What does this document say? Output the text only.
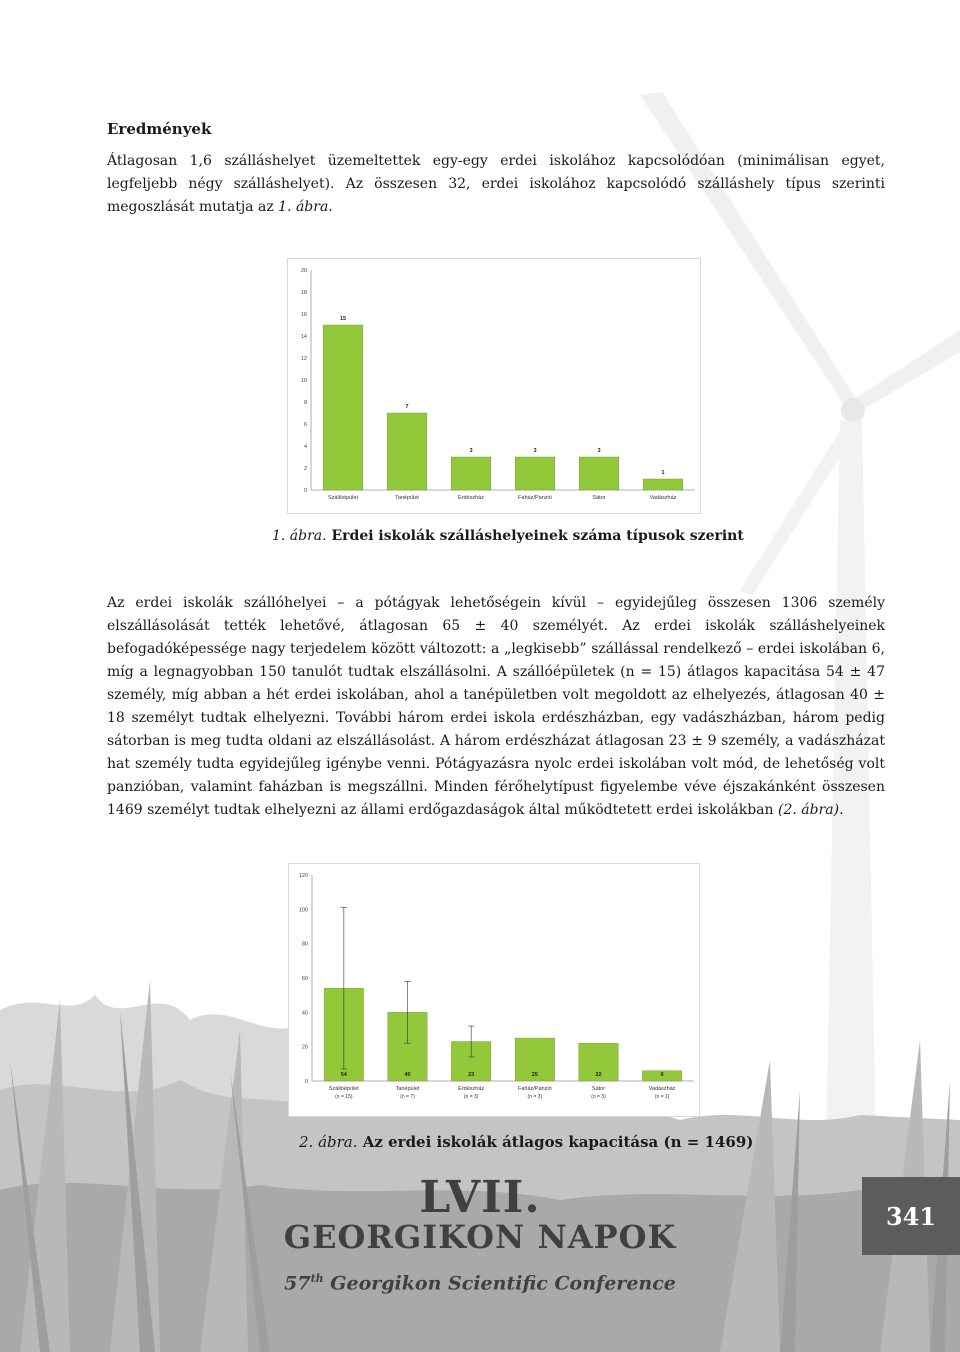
Eredmények
Átlagosan 1,6 szálláshelyet üzemeltettek egy-egy erdei iskolához kapcsolódóan (minimálisan egyet, legfeljebb négy szálláshelyet). Az összesen 32, erdei iskolához kapcsolódó szálláshely típus szerinti megoszlását mutatja az 1. ábra.
0
2
4
6
8
10
12
14
16
18
20
15
Szállóépület
7
Tanépület
3
Erdészház
3
Faház/Panzió
3
Sátor
1
Vadászház
1. ábra. Erdei iskolák szálláshelyeinek száma típusok szerint
Az erdei iskolák szállóhelyei – a pótágyak lehetőségein kívül – egyidejűleg összesen 1306 személy elszállásolását tették lehetővé, átlagosan 65 ± 40 személyét. Az erdei iskolák szálláshelyeinek befogadóképessége nagy terjedelem között változott: a „legkisebb” szállással rendelkező – erdei iskolában 6, míg a legnagyobban 150 tanulót tudtak elszállásolni. A szállóépületek (n = 15) átlagos kapacitása 54 ± 47 személy, míg abban a hét erdei iskolában, ahol a tanépületben volt megoldott az elhelyezés, átlagosan 40 ± 18 személyt tudtak elhelyezni. További három erdei iskola erdészházban, egy vadászházban, három pedig sátorban is meg tudta oldani az elszállásolást. A három erdészházat átlagosan 23 ± 9 személy, a vadászházat hat személy tudta egyidejűleg igénybe venni. Pótágyazásra nyolc erdei iskolában volt mód, de lehetőség volt panzióban, valamint faházban is megszállni. Minden férőhelytípust figyelembe véve éjszakánként összesen 1469 személyt tudtak elhelyezni az állami erdőgazdaságok által működtetett erdei iskolákban (2. ábra).
0
20
40
60
80
100
120
54
Szállóépület
(n = 15)
40
Tanépület
(n = 7)
23
Erdészház
(n = 3)
25
Faház/Panzió
(n = 3)
22
Sátor
(n = 3)
6
Vadászház
(n = 1)
2. ábra. Az erdei iskolák átlagos kapacitása (n = 1469)
LVII.
GEORGIKON NAPOK
57th Georgikon Scientific Conference
341
